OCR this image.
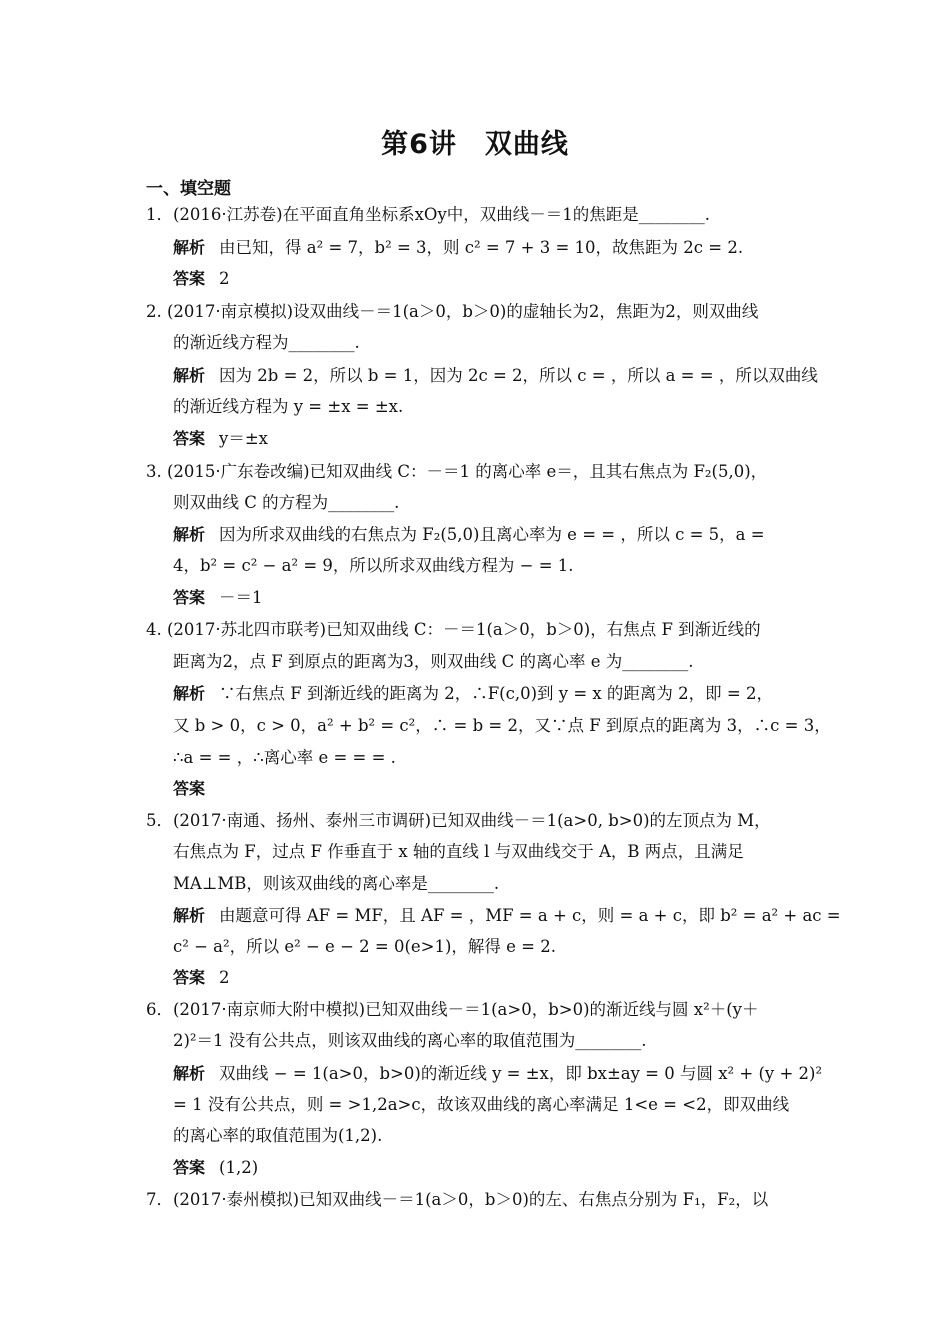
第6讲　双曲线
一、填空题
1．(2016·江苏卷)在平面直角坐标系xOy中，双曲线－＝1的焦距是________.
解析 由已知，得 a² = 7，b² = 3，则 c² = 7 + 3 = 10，故焦距为 2c = 2.
答案 2
2. (2017·南京模拟)设双曲线－＝1(a＞0，b＞0)的虚轴长为2，焦距为2，则双曲线
的渐近线方程为________.
解析 因为 2b = 2，所以 b = 1，因为 2c = 2，所以 c = ，所以 a = = ，所以双曲线
的渐近线方程为 y = ±x = ±x.
答案 y＝±x
3. (2015·广东卷改编)已知双曲线 C：－＝1 的离心率 e＝，且其右焦点为 F₂(5,0)，
则双曲线 C 的方程为________.
解析 因为所求双曲线的右焦点为 F₂(5,0)且离心率为 e = = ，所以 c = 5，a =
4，b² = c² − a² = 9，所以所求双曲线方程为 − = 1.
答案 －＝1
4. (2017·苏北四市联考)已知双曲线 C：－＝1(a＞0，b＞0)，右焦点 F 到渐近线的
距离为2，点 F 到原点的距离为3，则双曲线 C 的离心率 e 为________.
解析 ∵右焦点 F 到渐近线的距离为 2，∴F(c,0)到 y = x 的距离为 2，即 = 2，
又 b > 0，c > 0，a² + b² = c²，∴ = b = 2，又∵点 F 到原点的距离为 3，∴c = 3，
∴a = = ，∴离心率 e = = = .
答案
5．(2017·南通、扬州、泰州三市调研)已知双曲线－＝1(a>0, b>0)的左顶点为 M，
右焦点为 F，过点 F 作垂直于 x 轴的直线 l 与双曲线交于 A，B 两点，且满足
MA⊥MB，则该双曲线的离心率是________.
解析 由题意可得 AF = MF，且 AF = ，MF = a + c，则 = a + c，即 b² = a² + ac =
c² − a²，所以 e² − e − 2 = 0(e>1)，解得 e = 2.
答案 2
6．(2017·南京师大附中模拟)已知双曲线－＝1(a>0，b>0)的渐近线与圆 x²＋(y＋
2)²＝1 没有公共点，则该双曲线的离心率的取值范围为________.
解析 双曲线 − = 1(a>0，b>0)的渐近线 y = ±x，即 bx±ay = 0 与圆 x² + (y + 2)²
= 1 没有公共点，则 = >1,2a>c，故该双曲线的离心率满足 1<e = <2，即双曲线
的离心率的取值范围为(1,2).
答案 (1,2)
7．(2017·泰州模拟)已知双曲线－＝1(a＞0，b＞0)的左、右焦点分别为 F₁，F₂，以
